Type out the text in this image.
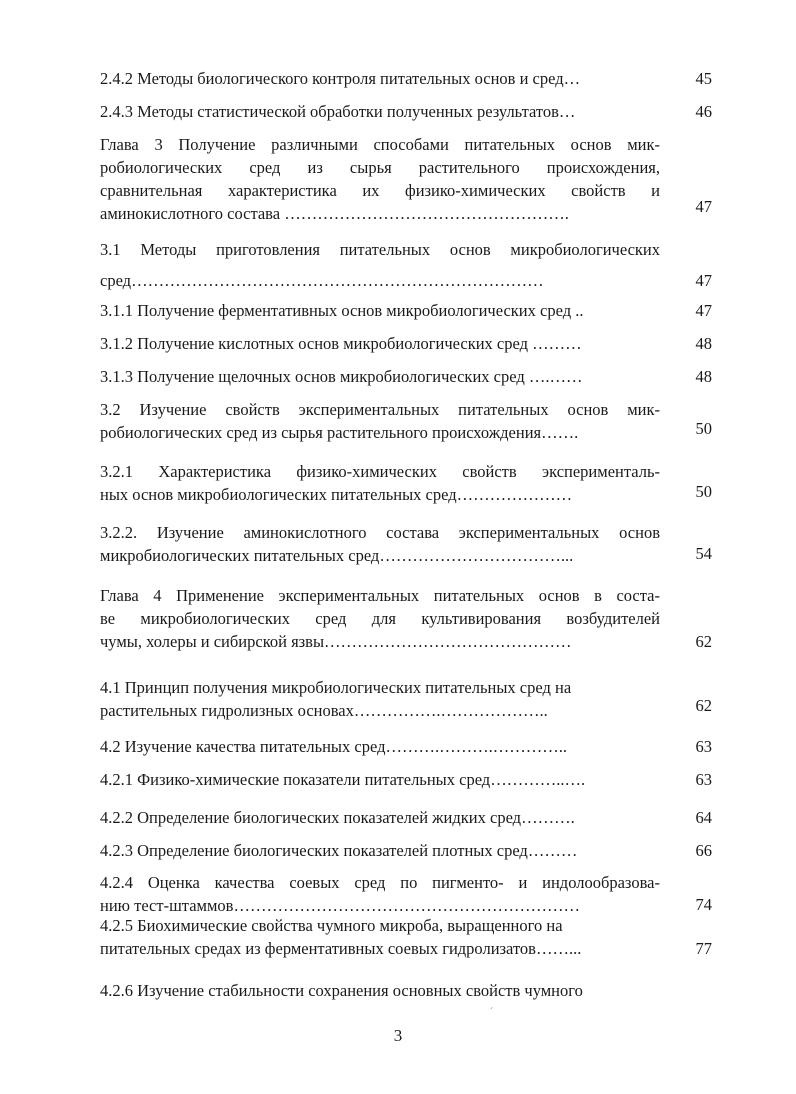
2.4.2 Методы биологического контроля питательных основ и сред…	45
2.4.3 Методы статистической обработки полученных результатов…	46
Глава 3 Получение различными способами питательных основ мик-
робиологических сред из сырья растительного происхождения,
сравнительная характеристика их физико-химических свойств и
аминокислотного состава …………………………………………….	47
3.1 Методы приготовления питательных основ микробиологических
сред…………………………………………………………………	47
3.1.1 Получение ферментативных основ микробиологических сред ..	47
3.1.2 Получение кислотных основ микробиологических сред ………	48
3.1.3 Получение щелочных основ микробиологических сред ….……	48
3.2 Изучение свойств экспериментальных питательных основ мик-
робиологических сред из сырья растительного происхождения…….	50
3.2.1 Характеристика физико-химических свойств эксперименталь-
ных основ микробиологических питательных сред…………………	50
3.2.2. Изучение аминокислотного состава экспериментальных основ
микробиологических питательных сред……………………………...	54
Глава 4 Применение экспериментальных питательных основ в соста-
ве микробиологических сред для культивирования возбудителей
чумы, холеры и сибирской язвы………………………………………	62
4.1 Принцип получения микробиологических питательных сред на
растительных гидролизных основах…………….………………..	62
4.2 Изучение качества питательных сред……….……….…………..	63
4.2.1 Физико-химические показатели питательных сред…………..….	63
4.2.2 Определение биологических показателей жидких сред……….	64
4.2.3 Определение биологических показателей плотных сред………	66
4.2.4 Оценка качества соевых сред по пигменто- и индолообразова-
нию тест-штаммов………………………………………………………	74
4.2.5 Биохимические свойства чумного микроба, выращенного на
питательных средах из ферментативных соевых гидролизатов……...	77
4.2.6 Изучение стабильности сохранения основных свойств чумного
´
3
